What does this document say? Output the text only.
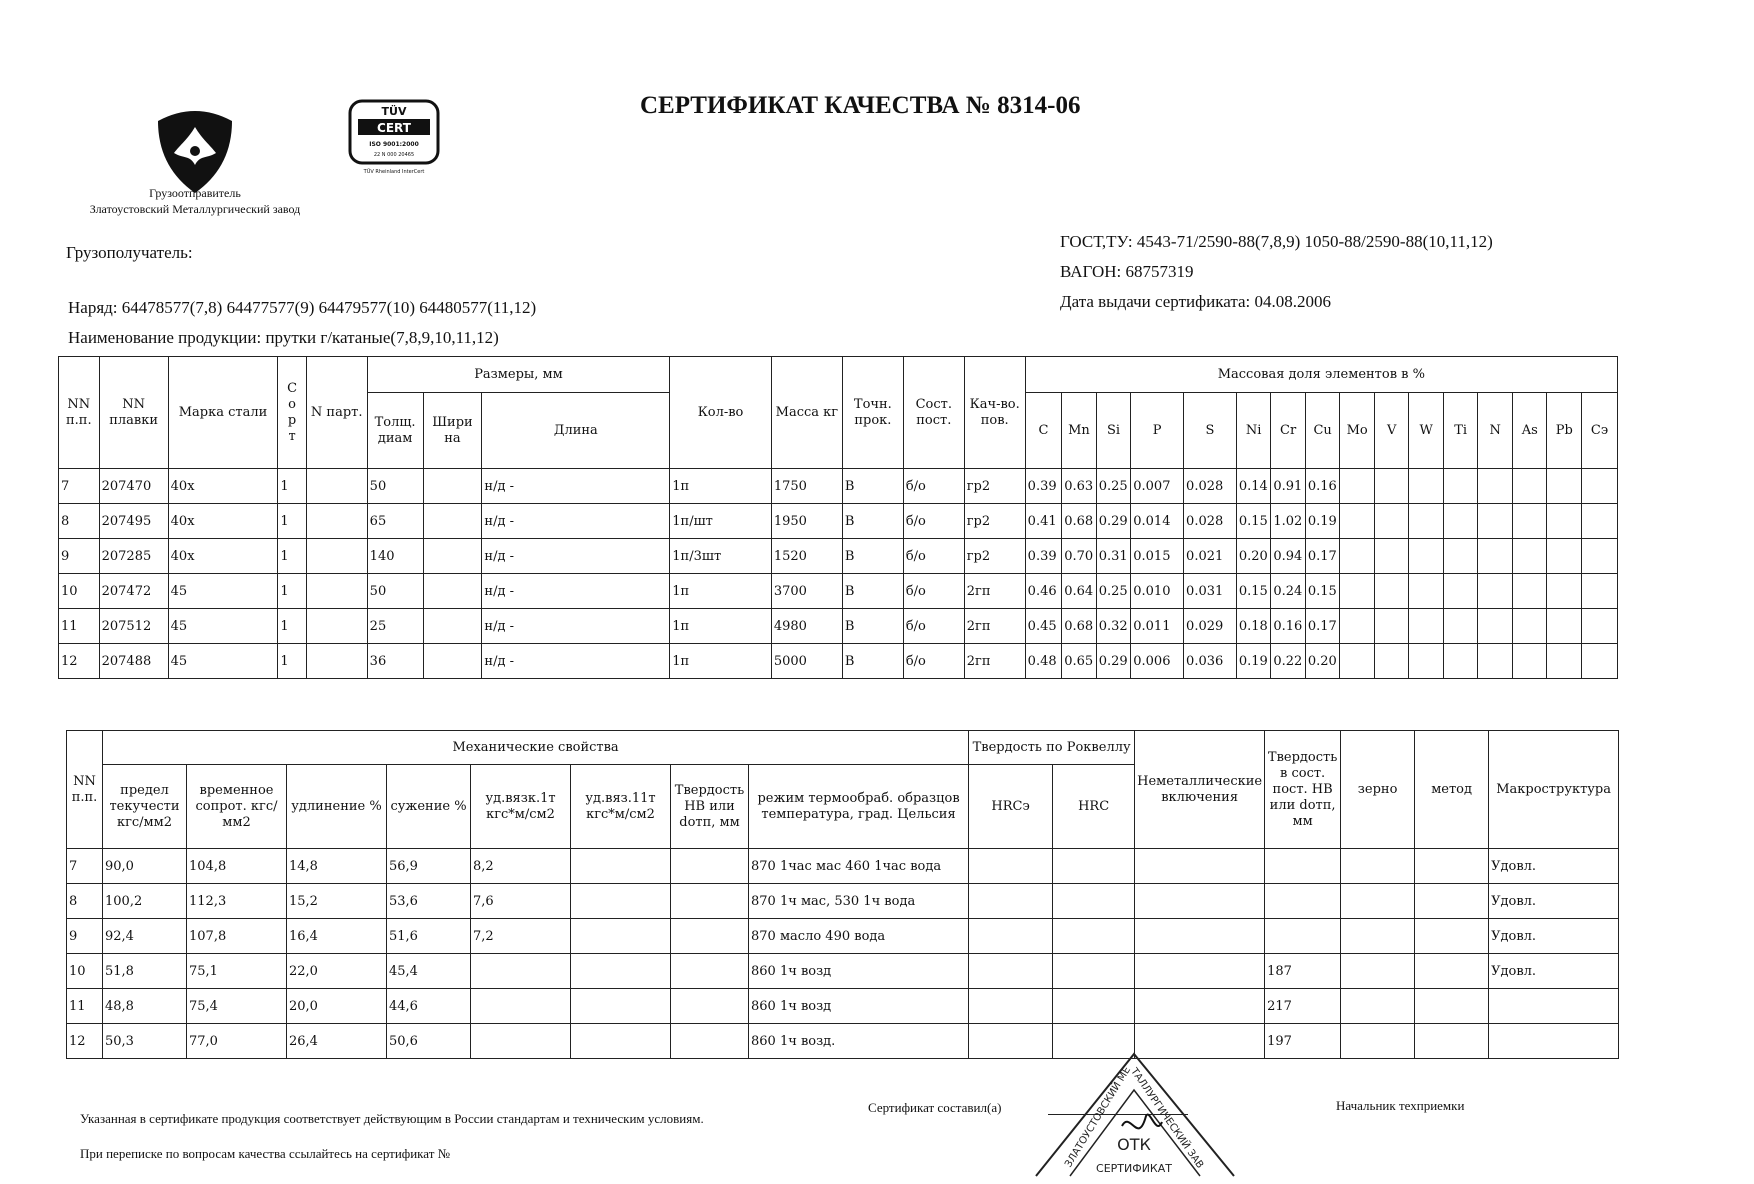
СЕРТИФИКАТ КАЧЕСТВА № 8314-06
TÜV
CERT
ISO 9001:2000
22 N 000 20465
TÜV Rheinland InterCert
Грузоотправитель
Златоустовский Металлургический завод
Грузополучатель:
ГОСТ,ТУ: 4543-71/2590-88(7,8,9) 1050-88/2590-88(10,11,12)
ВАГОН: 68757319
Дата выдачи сертификата: 04.08.2006
Наряд: 64478577(7,8) 64477577(9) 64479577(10) 64480577(11,12)
Наименование продукции: прутки г/катаные(7,8,9,10,11,12)
NN п.п.	NN плавки	Марка стали	С о р т	N парт.	Размеры, мм			Кол-во	Масса кг	Точн. прок.	Сост. пост.	Кач-во. пов.	Массовая доля элементов в %															
					Толщ. диам	Шири на	Длина						C	Mn	Si	P	S	Ni	Cr	Cu	Mo	V	W	Ti	N	As	Pb	Сэ
7	207470	40х	1		50		н/д -	1п	1750	В	б/о	гр2	0.39	0.63	0.25	0.007	0.028	0.14	0.91	0.16								
8	207495	40х	1		65		н/д -	1п/шт	1950	В	б/о	гр2	0.41	0.68	0.29	0.014	0.028	0.15	1.02	0.19								
9	207285	40х	1		140		н/д -	1п/3шт	1520	В	б/о	гр2	0.39	0.70	0.31	0.015	0.021	0.20	0.94	0.17								
10	207472	45	1		50		н/д -	1п	3700	В	б/о	2гп	0.46	0.64	0.25	0.010	0.031	0.15	0.24	0.15								
11	207512	45	1		25		н/д -	1п	4980	В	б/о	2гп	0.45	0.68	0.32	0.011	0.029	0.18	0.16	0.17								
12	207488	45	1		36		н/д -	1п	5000	В	б/о	2гп	0.48	0.65	0.29	0.006	0.036	0.19	0.22	0.20								
NN п.п.	Механические свойства								Твердость по Роквеллу		Неметаллические включения	Твердость в сост. пост. НВ или dотп, мм	зерно	метод	Макроструктура
	предел текучести кгс/мм2	временное сопрот. кгс/мм2	удлинение %	сужение %	уд.вязк.1т кгс*м/см2	уд.вяз.11т кгс*м/см2	Твердость НВ или dотп, мм	режим термообраб. образцов температура, град. Цельсия	HRCэ	HRC					
7	90,0	104,8	14,8	56,9	8,2			870 1час мас 460 1час вода							Удовл.
8	100,2	112,3	15,2	53,6	7,6			870 1ч мас, 530 1ч вода							Удовл.
9	92,4	107,8	16,4	51,6	7,2			870 масло 490 вода							Удовл.
10	51,8	75,1	22,0	45,4				860 1ч возд				187			Удовл.
11	48,8	75,4	20,0	44,6				860 1ч возд				217			
12	50,3	77,0	26,4	50,6				860 1ч возд.				197			
Указанная в сертификате продукция соответствует действующим в России стандартам и техническим условиям.
При переписке по вопросам качества ссылайтесь на сертификат №
Сертификат составил(а)	Начальник техприемки
ЗЛАТОУСТОВСКИЙ МЕТАЛЛУРГИЧЕСКИЙ ЗАВ
ОТК
СЕРТИФИКАТ
